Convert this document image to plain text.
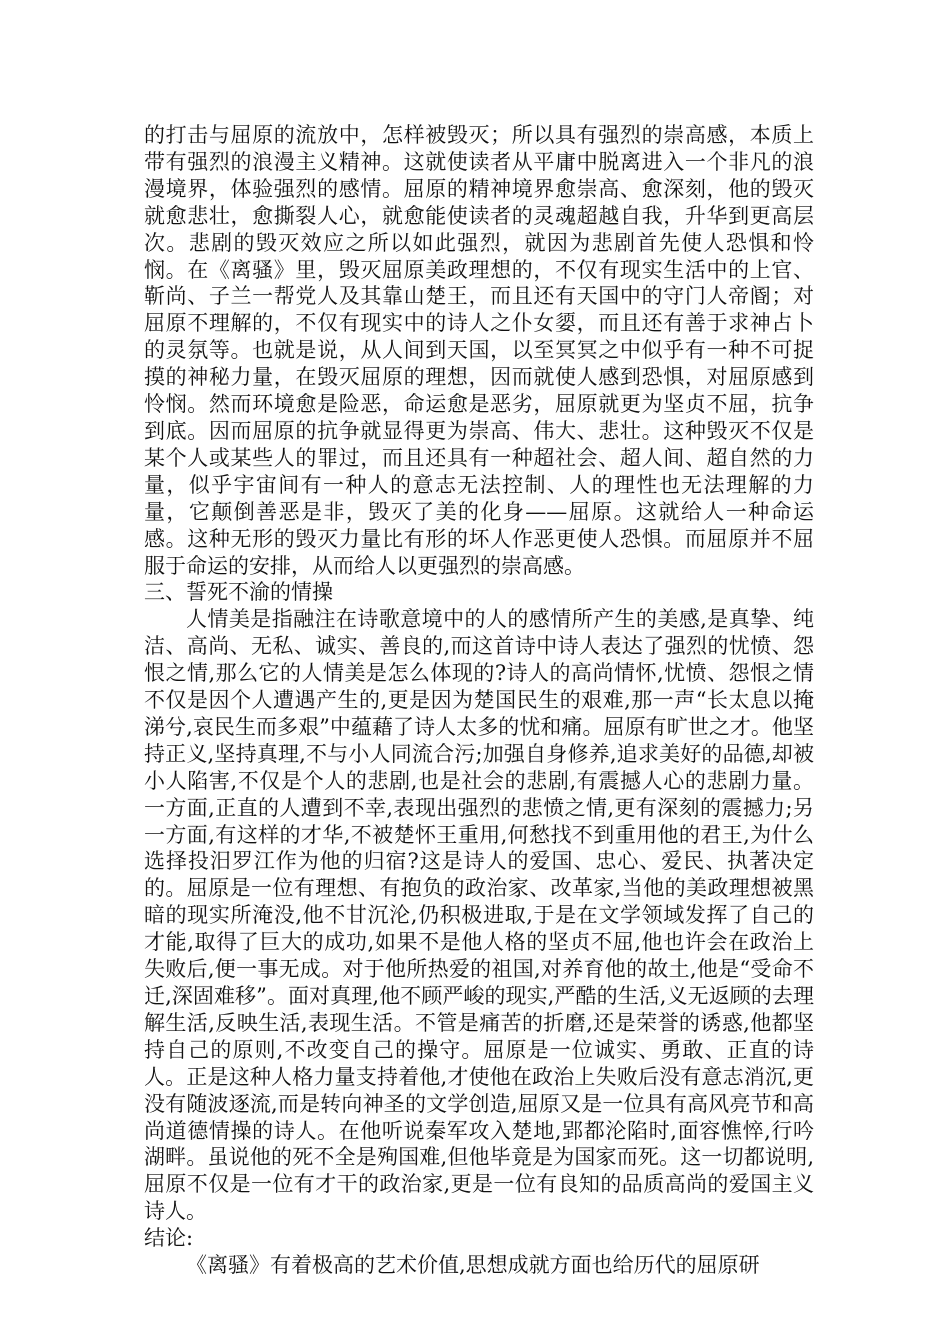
的打击与屈原的流放中，怎样被毁灭；所以具有强烈的崇高感，本质上带有强烈的浪漫主义精神。这就使读者从平庸中脱离进入一个非凡的浪漫境界，体验强烈的感情。屈原的精神境界愈崇高、愈深刻，他的毁灭就愈悲壮，愈撕裂人心，就愈能使读者的灵魂超越自我，升华到更高层次。悲剧的毁灭效应之所以如此强烈，就因为悲剧首先使人恐惧和怜悯。在《离骚》里，毁灭屈原美政理想的，不仅有现实生活中的上官、靳尚、子兰一帮党人及其靠山楚王，而且还有天国中的守门人帝阍；对屈原不理解的，不仅有现实中的诗人之仆女媭，而且还有善于求神占卜的灵氛等。也就是说，从人间到天国，以至冥冥之中似乎有一种不可捉摸的神秘力量，在毁灭屈原的理想，因而就使人感到恐惧，对屈原感到怜悯。然而环境愈是险恶，命运愈是恶劣，屈原就更为坚贞不屈，抗争到底。因而屈原的抗争就显得更为崇高、伟大、悲壮。这种毁灭不仅是某个人或某些人的罪过，而且还具有一种超社会、超人间、超自然的力量，似乎宇宙间有一种人的意志无法控制、人的理性也无法理解的力量，它颠倒善恶是非，毁灭了美的化身——屈原。这就给人一种命运感。这种无形的毁灭力量比有形的坏人作恶更使人恐惧。而屈原并不屈服于命运的安排，从而给人以更强烈的崇高感。

三、誓死不渝的情操

人情美是指融注在诗歌意境中的人的感情所产生的美感,是真挚、纯洁、高尚、无私、诚实、善良的,而这首诗中诗人表达了强烈的忧愤、怨恨之情,那么它的人情美是怎么体现的?诗人的高尚情怀,忧愤、怨恨之情不仅是因个人遭遇产生的,更是因为楚国民生的艰难,那一声“长太息以掩涕兮,哀民生而多艰”中蕴藉了诗人太多的忧和痛。屈原有旷世之才。他坚持正义,坚持真理,不与小人同流合污;加强自身修养,追求美好的品德,却被小人陷害,不仅是个人的悲剧,也是社会的悲剧,有震撼人心的悲剧力量。一方面,正直的人遭到不幸,表现出强烈的悲愤之情,更有深刻的震撼力;另一方面,有这样的才华,不被楚怀王重用,何愁找不到重用他的君王,为什么选择投汨罗江作为他的归宿?这是诗人的爱国、忠心、爱民、执著决定的。屈原是一位有理想、有抱负的政治家、改革家,当他的美政理想被黑暗的现实所淹没,他不甘沉沦,仍积极进取,于是在文学领域发挥了自己的才能,取得了巨大的成功,如果不是他人格的坚贞不屈,他也许会在政治上失败后,便一事无成。对于他所热爱的祖国,对养育他的故土,他是“受命不迁,深固难移”。面对真理,他不顾严峻的现实,严酷的生活,义无返顾的去理解生活,反映生活,表现生活。不管是痛苦的折磨,还是荣誉的诱惑,他都坚持自己的原则,不改变自己的操守。屈原是一位诚实、勇敢、正直的诗人。正是这种人格力量支持着他,才使他在政治上失败后没有意志消沉,更没有随波逐流,而是转向神圣的文学创造,屈原又是一位具有高风亮节和高尚道德情操的诗人。在他听说秦军攻入楚地,郢都沦陷时,面容憔悴,行吟湖畔。虽说他的死不全是殉国难,但他毕竟是为国家而死。这一切都说明,屈原不仅是一位有才干的政治家,更是一位有良知的品质高尚的爱国主义诗人。

结论:

《离骚》有着极高的艺术价值,思想成就方面也给历代的屈原研
